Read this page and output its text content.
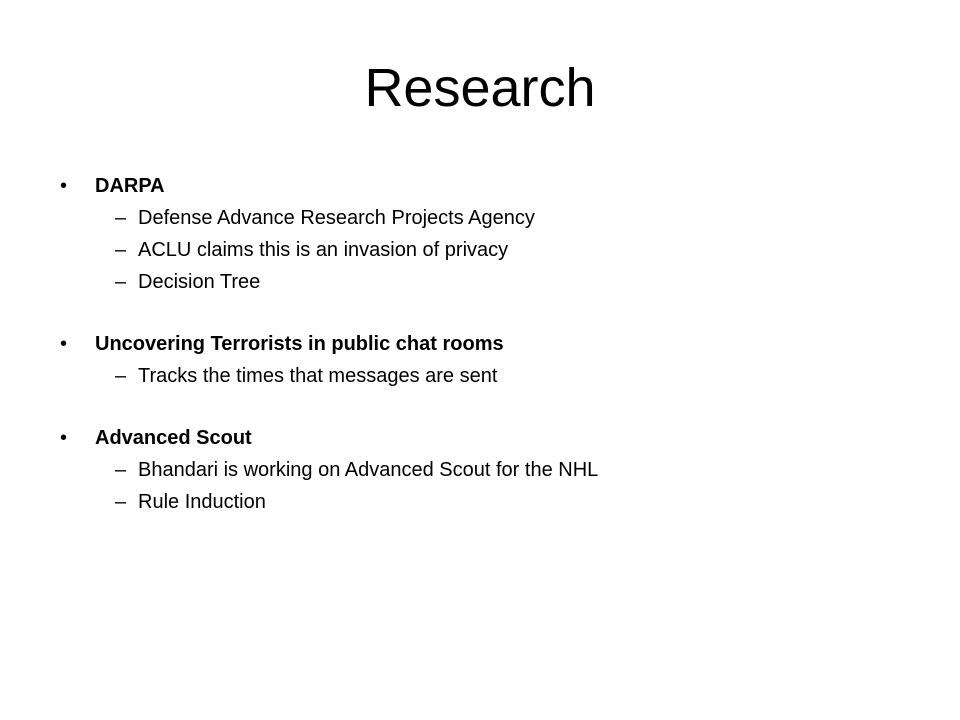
Research
• DARPA
– Defense Advance Research Projects Agency
– ACLU claims this is an invasion of privacy
– Decision Tree
• Uncovering Terrorists in public chat rooms
– Tracks the times that messages are sent
• Advanced Scout
– Bhandari is working on Advanced Scout for the NHL
– Rule Induction
